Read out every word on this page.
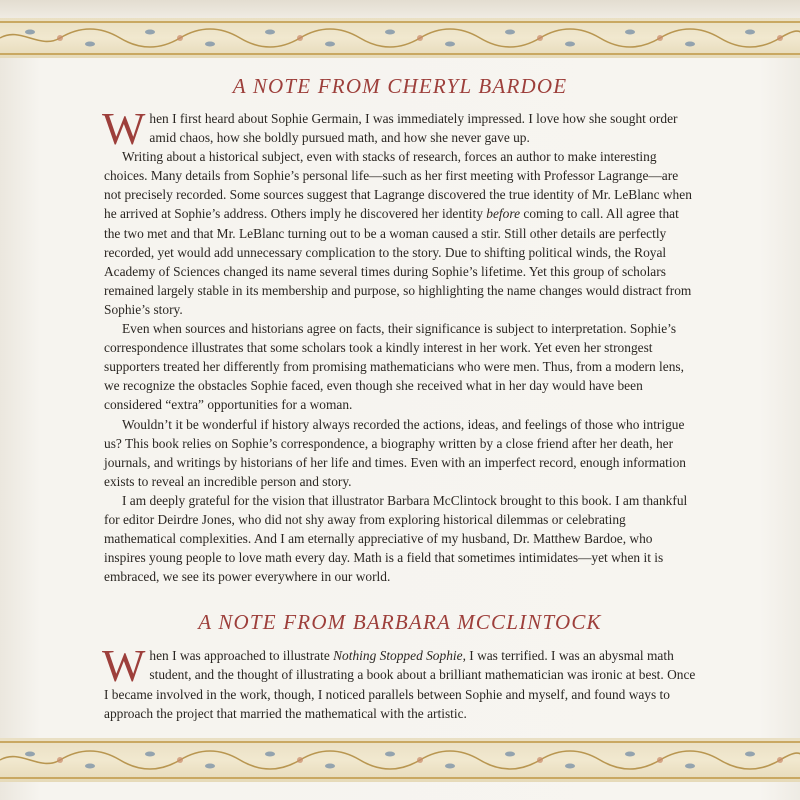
A NOTE FROM CHERYL BARDOE

When I first heard about Sophie Germain, I was immediately impressed. I love how she sought order amid chaos, how she boldly pursued math, and how she never gave up.

Writing about a historical subject, even with stacks of research, forces an author to make interesting choices. Many details from Sophie’s personal life—such as her first meeting with Professor Lagrange—are not precisely recorded. Some sources suggest that Lagrange discovered the true identity of Mr. LeBlanc when he arrived at Sophie’s address. Others imply he discovered her identity before coming to call. All agree that the two met and that Mr. LeBlanc turning out to be a woman caused a stir. Still other details are perfectly recorded, yet would add unnecessary complication to the story. Due to shifting political winds, the Royal Academy of Sciences changed its name several times during Sophie’s lifetime. Yet this group of scholars remained largely stable in its membership and purpose, so highlighting the name changes would distract from Sophie’s story.

Even when sources and historians agree on facts, their significance is subject to interpretation. Sophie’s correspondence illustrates that some scholars took a kindly interest in her work. Yet even her strongest supporters treated her differently from promising mathematicians who were men. Thus, from a modern lens, we recognize the obstacles Sophie faced, even though she received what in her day would have been considered “extra” opportunities for a woman.

Wouldn’t it be wonderful if history always recorded the actions, ideas, and feelings of those who intrigue us? This book relies on Sophie’s correspondence, a biography written by a close friend after her death, her journals, and writings by historians of her life and times. Even with an imperfect record, enough information exists to reveal an incredible person and story.

I am deeply grateful for the vision that illustrator Barbara McClintock brought to this book. I am thankful for editor Deirdre Jones, who did not shy away from exploring historical dilemmas or celebrating mathematical complexities. And I am eternally appreciative of my husband, Dr. Matthew Bardoe, who inspires young people to love math every day. Math is a field that sometimes intimidates—yet when it is embraced, we see its power everywhere in our world.

A NOTE FROM BARBARA MCCLINTOCK

When I was approached to illustrate Nothing Stopped Sophie, I was terrified. I was an abysmal math student, and the thought of illustrating a book about a brilliant mathematician was ironic at best. Once I became involved in the work, though, I noticed parallels between Sophie and myself, and found ways to approach the project that married the mathematical with the artistic.
